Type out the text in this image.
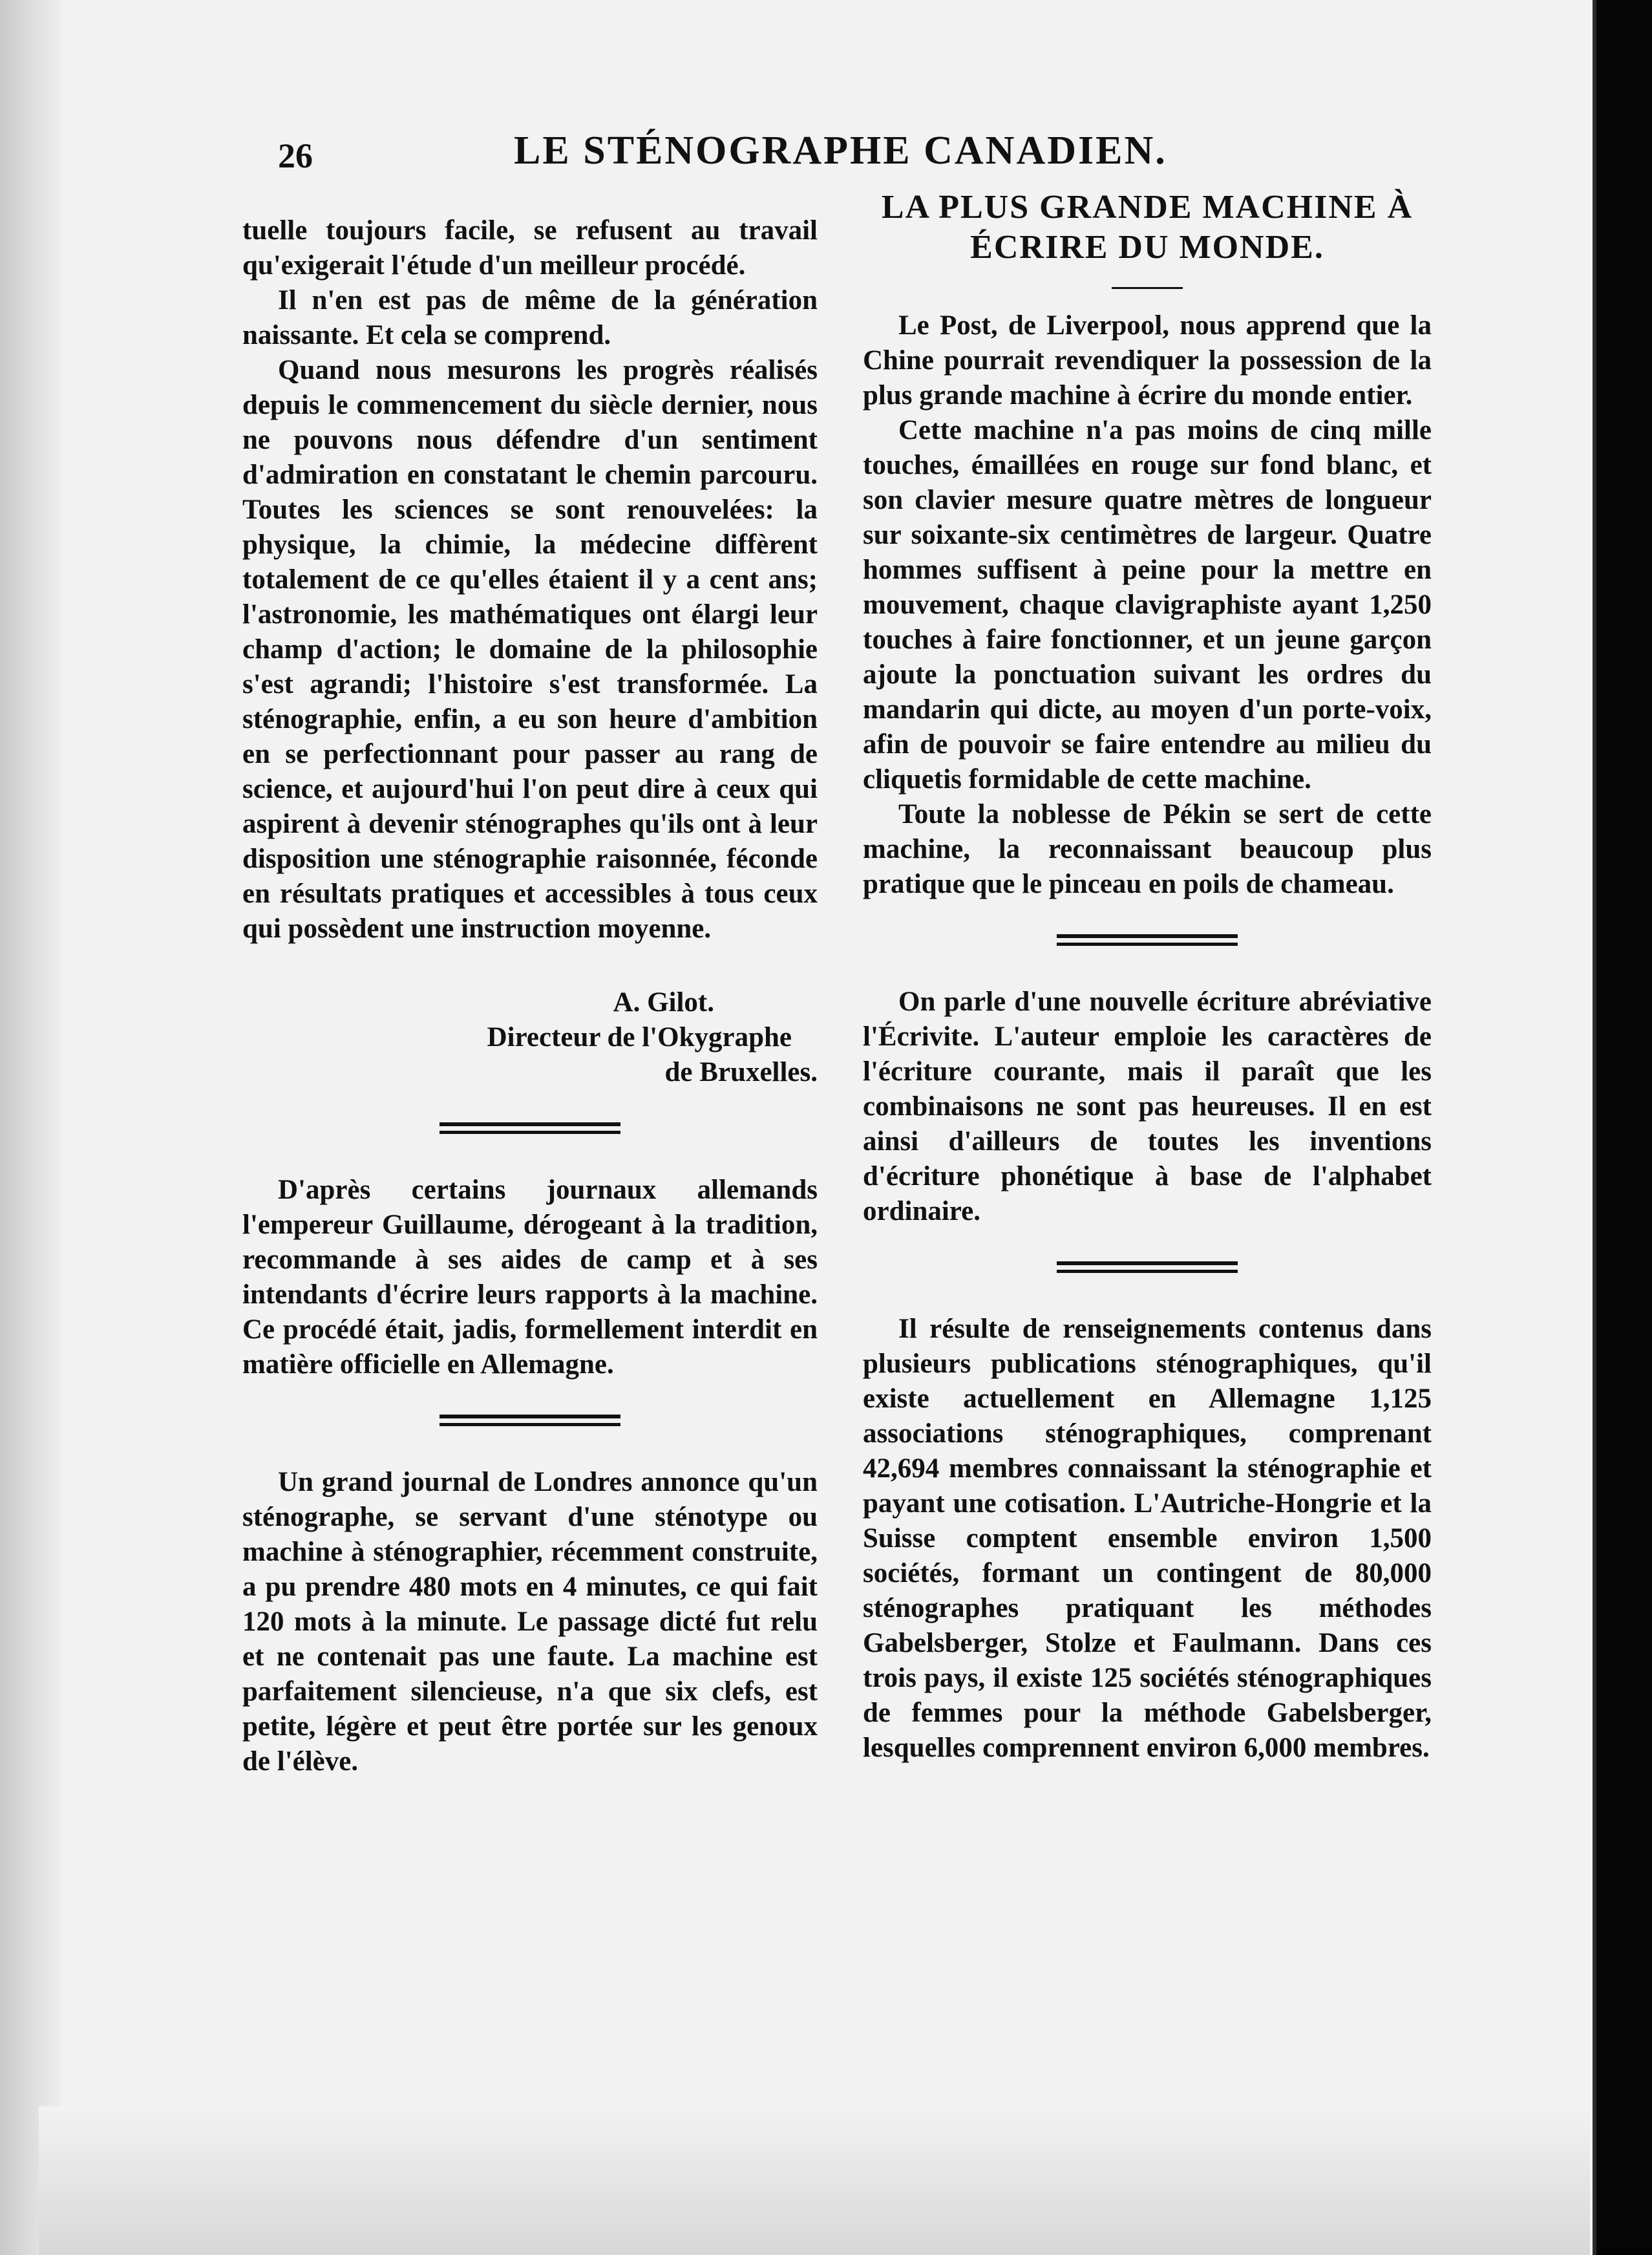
26	LE STÉNOGRAPHE CANADIEN.

tuelle toujours facile, se refusent au travail qu'exigerait l'étude d'un meilleur procédé.

Il n'en est pas de même de la génération naissante. Et cela se comprend.

Quand nous mesurons les progrès réalisés depuis le commencement du siècle dernier, nous ne pouvons nous défendre d'un sentiment d'admiration en constatant le chemin parcouru. Toutes les sciences se sont renouvelées: la physique, la chimie, la médecine diffèrent totalement de ce qu'elles étaient il y a cent ans; l'astronomie, les mathématiques ont élargi leur champ d'action; le domaine de la philosophie s'est agrandi; l'histoire s'est transformée. La sténographie, enfin, a eu son heure d'ambition en se perfectionnant pour passer au rang de science, et aujourd'hui l'on peut dire à ceux qui aspirent à devenir sténographes qu'ils ont à leur disposition une sténographie raisonnée, féconde en résultats pratiques et accessibles à tous ceux qui possèdent une instruction moyenne.

A. Gilot.

Directeur de l'Okygraphe

de Bruxelles.

D'après certains journaux allemands l'empereur Guillaume, dérogeant à la tradition, recommande à ses aides de camp et à ses intendants d'écrire leurs rapports à la machine. Ce procédé était, jadis, formellement interdit en matière officielle en Allemagne.

Un grand journal de Londres annonce qu'un sténographe, se servant d'une sténotype ou machine à sténographier, récemment construite, a pu prendre 480 mots en 4 minutes, ce qui fait 120 mots à la minute. Le passage dicté fut relu et ne contenait pas une faute. La machine est parfaitement silencieuse, n'a que six clefs, est petite, légère et peut être portée sur les genoux de l'élève.

LA PLUS GRANDE MACHINE À ÉCRIRE DU MONDE.

Le Post, de Liverpool, nous apprend que la Chine pourrait revendiquer la possession de la plus grande machine à écrire du monde entier.

Cette machine n'a pas moins de cinq mille touches, émaillées en rouge sur fond blanc, et son clavier mesure quatre mètres de longueur sur soixante-six centimètres de largeur. Quatre hommes suffisent à peine pour la mettre en mouvement, chaque clavigraphiste ayant 1,250 touches à faire fonctionner, et un jeune garçon ajoute la ponctuation suivant les ordres du mandarin qui dicte, au moyen d'un porte-voix, afin de pouvoir se faire entendre au milieu du cliquetis formidable de cette machine.

Toute la noblesse de Pékin se sert de cette machine, la reconnaissant beaucoup plus pratique que le pinceau en poils de chameau.

On parle d'une nouvelle écriture abréviative l'Écrivite. L'auteur emploie les caractères de l'écriture courante, mais il paraît que les combinaisons ne sont pas heureuses. Il en est ainsi d'ailleurs de toutes les inventions d'écriture phonétique à base de l'alphabet ordinaire.

Il résulte de renseignements contenus dans plusieurs publications sténographiques, qu'il existe actuellement en Allemagne 1,125 associations sténographiques, comprenant 42,694 membres connaissant la sténographie et payant une cotisation. L'Autriche-Hongrie et la Suisse comptent ensemble environ 1,500 sociétés, formant un contingent de 80,000 sténographes pratiquant les méthodes Gabelsberger, Stolze et Faulmann. Dans ces trois pays, il existe 125 sociétés sténographiques de femmes pour la méthode Gabelsberger, lesquelles comprennent environ 6,000 membres.
